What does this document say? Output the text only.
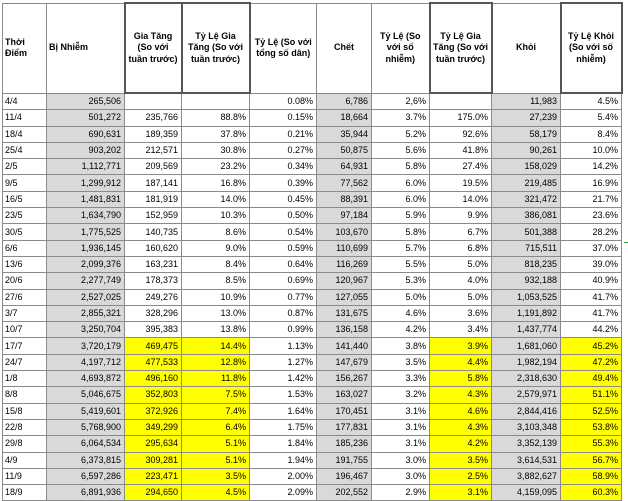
Thời Điểm	Bị Nhiễm	Gia Tăng (So với tuần trước)	Tỷ Lệ Gia Tăng (So với tuần trước)	Tỷ Lệ (So với tổng số dân)	Chết	Tỷ Lệ (So với số nhiễm)	Tỷ Lệ Gia Tăng (So với tuần trước)	Khỏi	Tỷ Lệ Khỏi (So với số nhiễm)
4/4	265,506			0.08%	6,786	2,6%		11,983	4.5%
11/4	501,272	235,766	88.8%	0.15%	18,664	3.7%	175.0%	27,239	5.4%
18/4	690,631	189,359	37.8%	0.21%	35,944	5.2%	92.6%	58,179	8.4%
25/4	903,202	212,571	30.8%	0.27%	50,875	5.6%	41.8%	90,261	10.0%
2/5	1,112,771	209,569	23.2%	0.34%	64,931	5.8%	27.4%	158,029	14.2%
9/5	1,299,912	187,141	16.8%	0.39%	77,562	6.0%	19.5%	219,485	16.9%
16/5	1,481,831	181,919	14.0%	0.45%	88,391	6.0%	14.0%	321,472	21.7%
23/5	1,634,790	152,959	10.3%	0.50%	97,184	5.9%	9.9%	386,081	23.6%
30/5	1,775,525	140,735	8.6%	0.54%	103,670	5.8%	6.7%	501,388	28.2%
6/6	1,936,145	160,620	9.0%	0.59%	110,699	5.7%	6.8%	715,511	37.0%
13/6	2,099,376	163,231	8.4%	0.64%	116,269	5.5%	5.0%	818,235	39.0%
20/6	2,277,749	178,373	8.5%	0.69%	120,967	5.3%	4.0%	932,188	40.9%
27/6	2,527,025	249,276	10.9%	0.77%	127,055	5.0%	5.0%	1,053,525	41.7%
3/7	2,855,321	328,296	13.0%	0.87%	131,675	4.6%	3.6%	1,191,892	41.7%
10/7	3,250,704	395,383	13.8%	0.99%	136,158	4.2%	3.4%	1,437,774	44.2%
17/7	3,720,179	469,475	14.4%	1.13%	141,440	3.8%	3.9%	1,681,060	45.2%
24/7	4,197,712	477,533	12.8%	1.27%	147,679	3.5%	4.4%	1,982,194	47.2%
1/8	4,693,872	496,160	11.8%	1.42%	156,267	3.3%	5.8%	2,318,630	49.4%
8/8	5,046,675	352,803	7.5%	1.53%	163,027	3.2%	4.3%	2,579,971	51.1%
15/8	5,419,601	372,926	7.4%	1.64%	170,451	3.1%	4.6%	2,844,416	52.5%
22/8	5,768,900	349,299	6.4%	1.75%	177,831	3.1%	4.3%	3,103,348	53.8%
29/8	6,064,534	295,634	5.1%	1.84%	185,236	3.1%	4.2%	3,352,139	55.3%
4/9	6,373,815	309,281	5.1%	1.94%	191,755	3.0%	3.5%	3,614,531	56.7%
11/9	6,597,286	223,471	3.5%	2.00%	196,467	3.0%	2.5%	3,882,627	58.9%
18/9	6,891,936	294,650	4.5%	2.09%	202,552	2.9%	3.1%	4,159,095	60.3%
